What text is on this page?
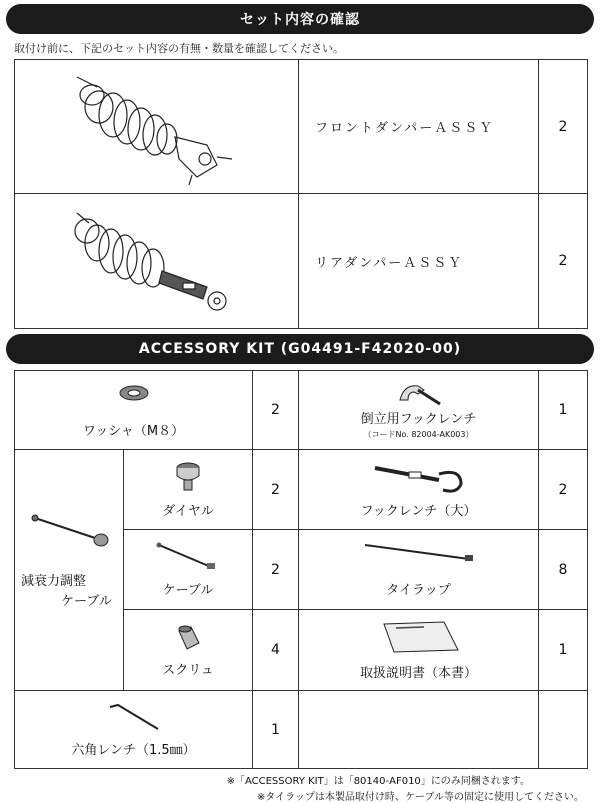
セット内容の確認
取付け前に、下記のセット内容の有無・数量を確認してください。
	フロントダンパーＡＳＳＹ	2

	リアダンパーＡＳＳＹ	2
ACCESSORY KIT (G04491-F42020-00)
ワッシャ（M８）		2	倒立用フックレンチ
（コードNo. 82004-AK003）	1

減衰力調整
ケーブル	ダイヤル	2	フックレンチ（大）	2

	ケーブル	2	タイラップ	8

	スクリュ	4	取扱説明書（本書）	1

六角レンチ（1.5㎜）		1		
※「ACCESSORY KIT」は「80140-AF010」にのみ同梱されます。
※タイラップは本製品取付け時、ケーブル等の固定に使用してください。
